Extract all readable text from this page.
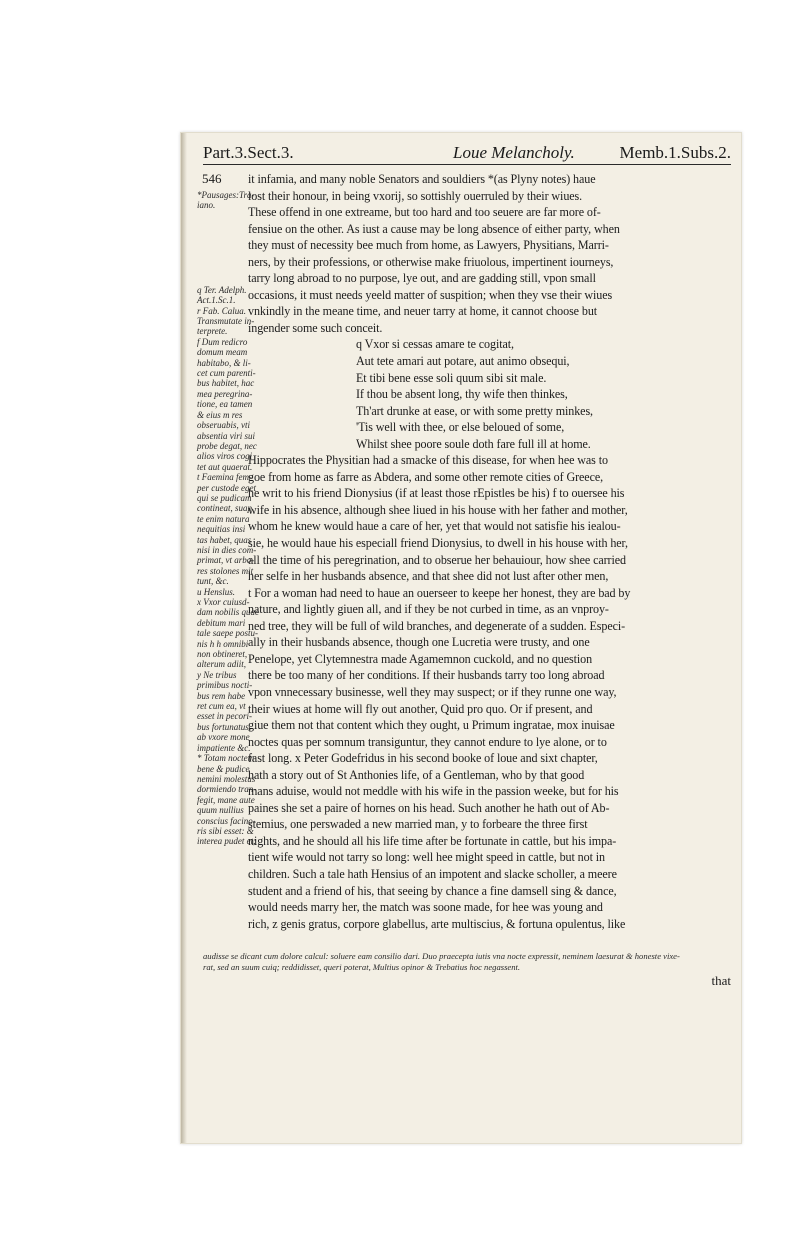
Part.3.Sect.3.	Loue Melancholy.	Memb.1.Subs.2.
546
*Pausages:Tra-
iano.
q Ter. Adelph.
Act.1.Sc.1.
r Fab. Calua.
Transmutate in-
terprete.
f Dum redicro
domum meam
habitabo, & li-
cet cum parenti-
bus habitet, hac
mea peregrina-
tione, ea tamen
& eius m res
obseruabis, vti
absentia viri sui
probe degat, nec
alios viros cogi
tet aut quaerat.
t Faemina fem-
per custode eget
qui se pudicam
contineat, suap
te enim natura
nequitias insi
tas habet, quas
nisi in dies com-
primat, vt arbo-
res stolones mit
tunt, &c.
u Henslus.
x Vxor cuiusd-
dam nobilis quae
debitum mari
tale saepe postu-
nis h h omnibi
non obtineret,
alterum adiit,
y Ne tribus
primibus nocti-
bus rem habe
ret cum ea, vt
esset in pecori-
bus fortunatus,
ab vxore mone
impatiente &c.
* Totam noctem
bene & pudice
nemini molestus
dormiendo tran-
fegit, mane aute
quum nullius
conscius facino-
ris sibi esset: &
interea pudet et;
it infamia, and many noble Senators and souldiers *(as Plyny notes) haue
lost their honour, in being vxorij, so sottishly ouerruled by their wiues.
These offend in one extreame, but too hard and too seuere are far more of-
fensiue on the other. As iust a cause may be long absence of either party, when
they must of necessity bee much from home, as Lawyers, Physitians, Marri-
ners, by their professions, or otherwise make friuolous, impertinent iourneys,
tarry long abroad to no purpose, lye out, and are gadding still, vpon small
occasions, it must needs yeeld matter of suspition; when they vse their wiues
vnkindly in the meane time, and neuer tarry at home, it cannot choose but
ingender some such conceit.
q Vxor si cessas amare te cogitat,
Aut tete amari aut potare, aut animo obsequi,
Et tibi bene esse soli quum sibi sit male.
If thou be absent long, thy wife then thinkes,
Th'art drunke at ease, or with some pretty minkes,
'Tis well with thee, or else beloued of some,
Whilst shee poore soule doth fare full ill at home.
Hippocrates the Physitian had a smacke of this disease, for when hee was to
goe from home as farre as Abdera, and some other remote cities of Greece,
he writ to his friend Dionysius (if at least those rEpistles be his) f to ouersee his
wife in his absence, although shee liued in his house with her father and mother,
whom he knew would haue a care of her, yet that would not satisfie his iealou-
sie, he would haue his especiall friend Dionysius, to dwell in his house with her,
all the time of his peregrination, and to obserue her behauiour, how shee carried
her selfe in her husbands absence, and that shee did not lust after other men,
t For a woman had need to haue an ouerseer to keepe her honest, they are bad by
nature, and lightly giuen all, and if they be not curbed in time, as an vnproy-
ned tree, they will be full of wild branches, and degenerate of a sudden. Especi-
ally in their husbands absence, though one Lucretia were trusty, and one
Penelope, yet Clytemnestra made Agamemnon cuckold, and no question
there be too many of her conditions. If their husbands tarry too long abroad
vpon vnnecessary businesse, well they may suspect; or if they runne one way,
their wiues at home will fly out another, Quid pro quo. Or if present, and
giue them not that content which they ought, u Primum ingratae, mox inuisae
noctes quas per somnum transiguntur, they cannot endure to lye alone, or to
fast long. x Peter Godefridus in his second booke of loue and sixt chapter,
hath a story out of St Anthonies life, of a Gentleman, who by that good
mans aduise, would not meddle with his wife in the passion weeke, but for his
paines she set a paire of hornes on his head. Such another he hath out of Ab-
stemius, one perswaded a new married man, y to forbeare the three first
nights, and he should all his life time after be fortunate in cattle, but his impa-
tient wife would not tarry so long: well hee might speed in cattle, but not in
children. Such a tale hath Hensius of an impotent and slacke scholler, a meere
student and a friend of his, that seeing by chance a fine damsell sing & dance,
would needs marry her, the match was soone made, for hee was young and
rich, z genis gratus, corpore glabellus, arte multiscius, & fortuna opulentus, like
audisse se dicant cum dolore calcul: soluere eam consilio dari. Duo praecepta iutis vna nocte expressit, neminem laesurat & honeste vixe-
rat, sed an suum cuiq; reddidisset, queri poterat, Multius opinor & Trebatius hoc negassent.
that
